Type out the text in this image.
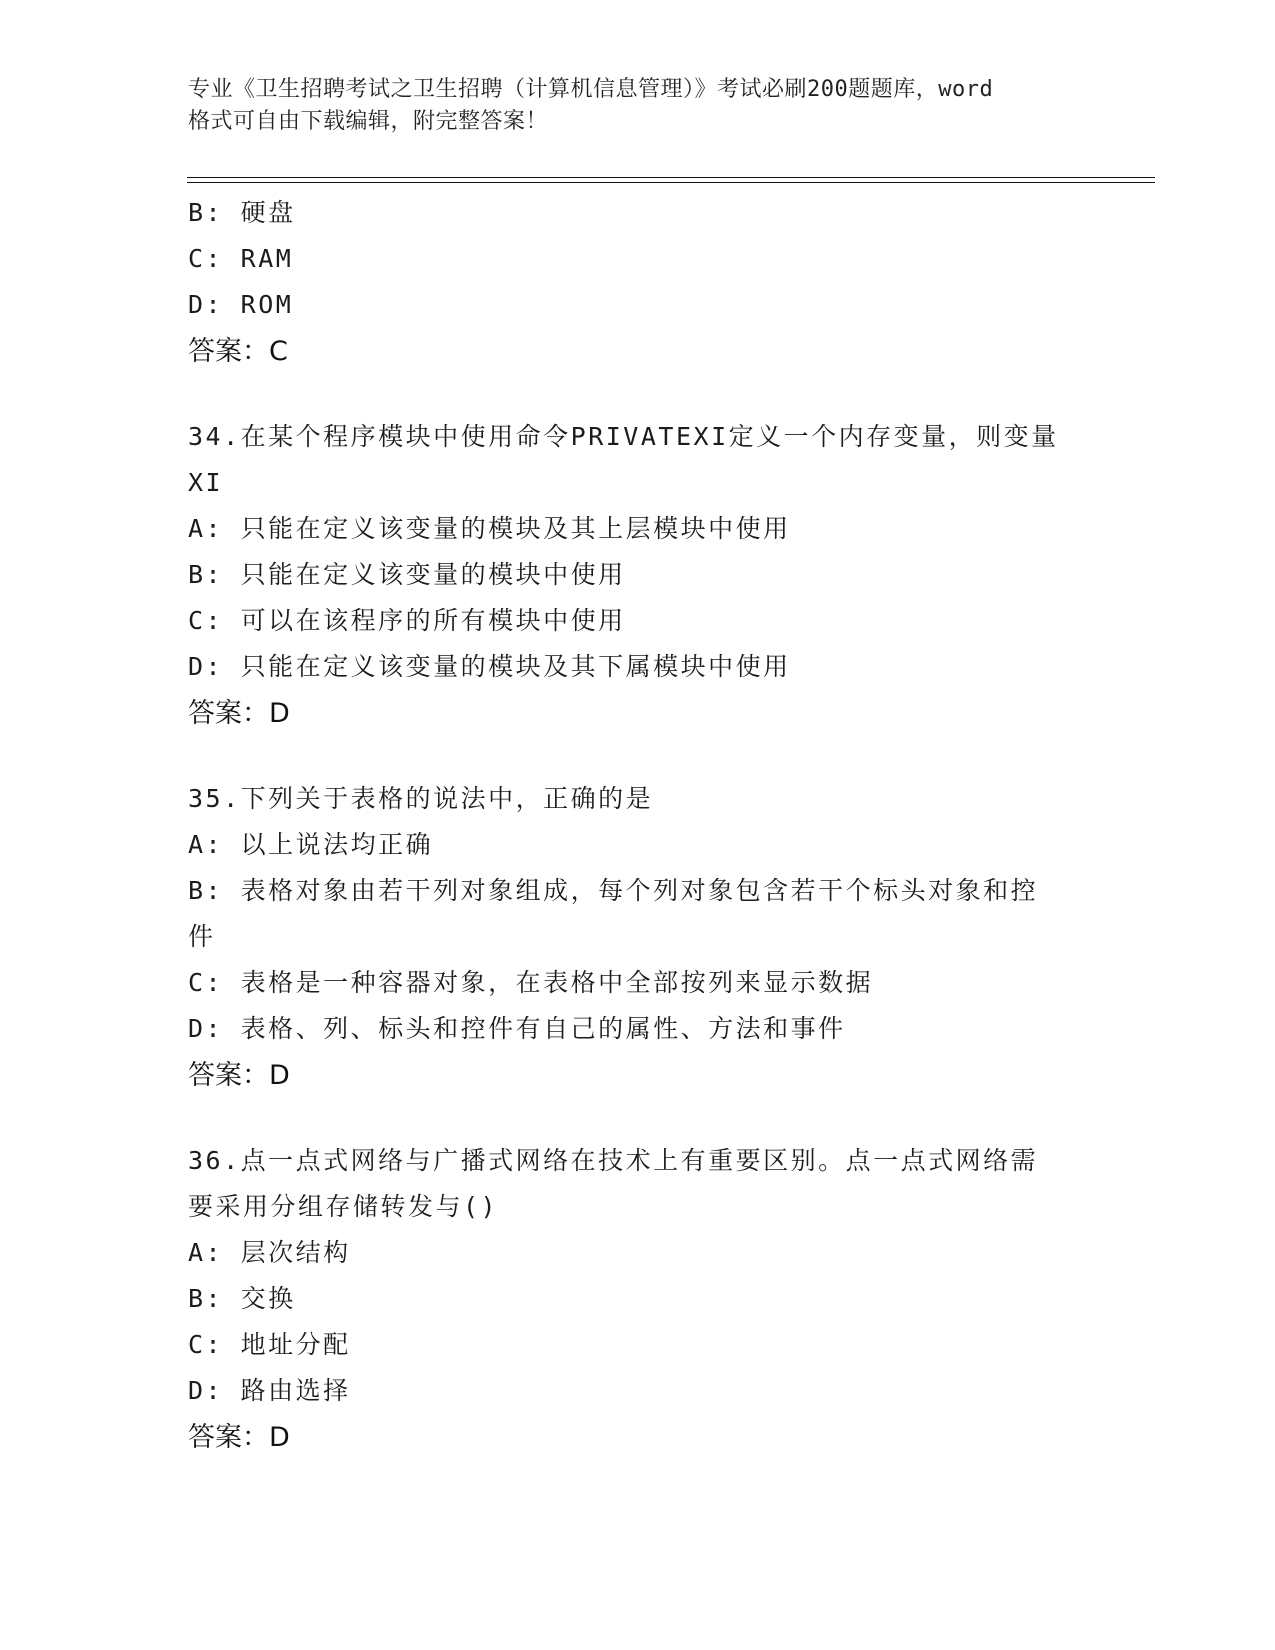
专业《卫生招聘考试之卫生招聘（计算机信息管理）》考试必刷200题题库，word
格式可自由下载编辑，附完整答案！
B: 硬盘
C: RAM
D: ROM
答案：C
34.在某个程序模块中使用命令PRIVATEXI定义一个内存变量，则变量
XI
A: 只能在定义该变量的模块及其上层模块中使用
B: 只能在定义该变量的模块中使用
C: 可以在该程序的所有模块中使用
D: 只能在定义该变量的模块及其下属模块中使用
答案：D
35.下列关于表格的说法中，正确的是
A: 以上说法均正确
B: 表格对象由若干列对象组成，每个列对象包含若干个标头对象和控
件
C: 表格是一种容器对象，在表格中全部按列来显示数据
D: 表格、列、标头和控件有自己的属性、方法和事件
答案：D
36.点一点式网络与广播式网络在技术上有重要区别。点一点式网络需
要采用分组存储转发与()
A: 层次结构
B: 交换
C: 地址分配
D: 路由选择
答案：D
